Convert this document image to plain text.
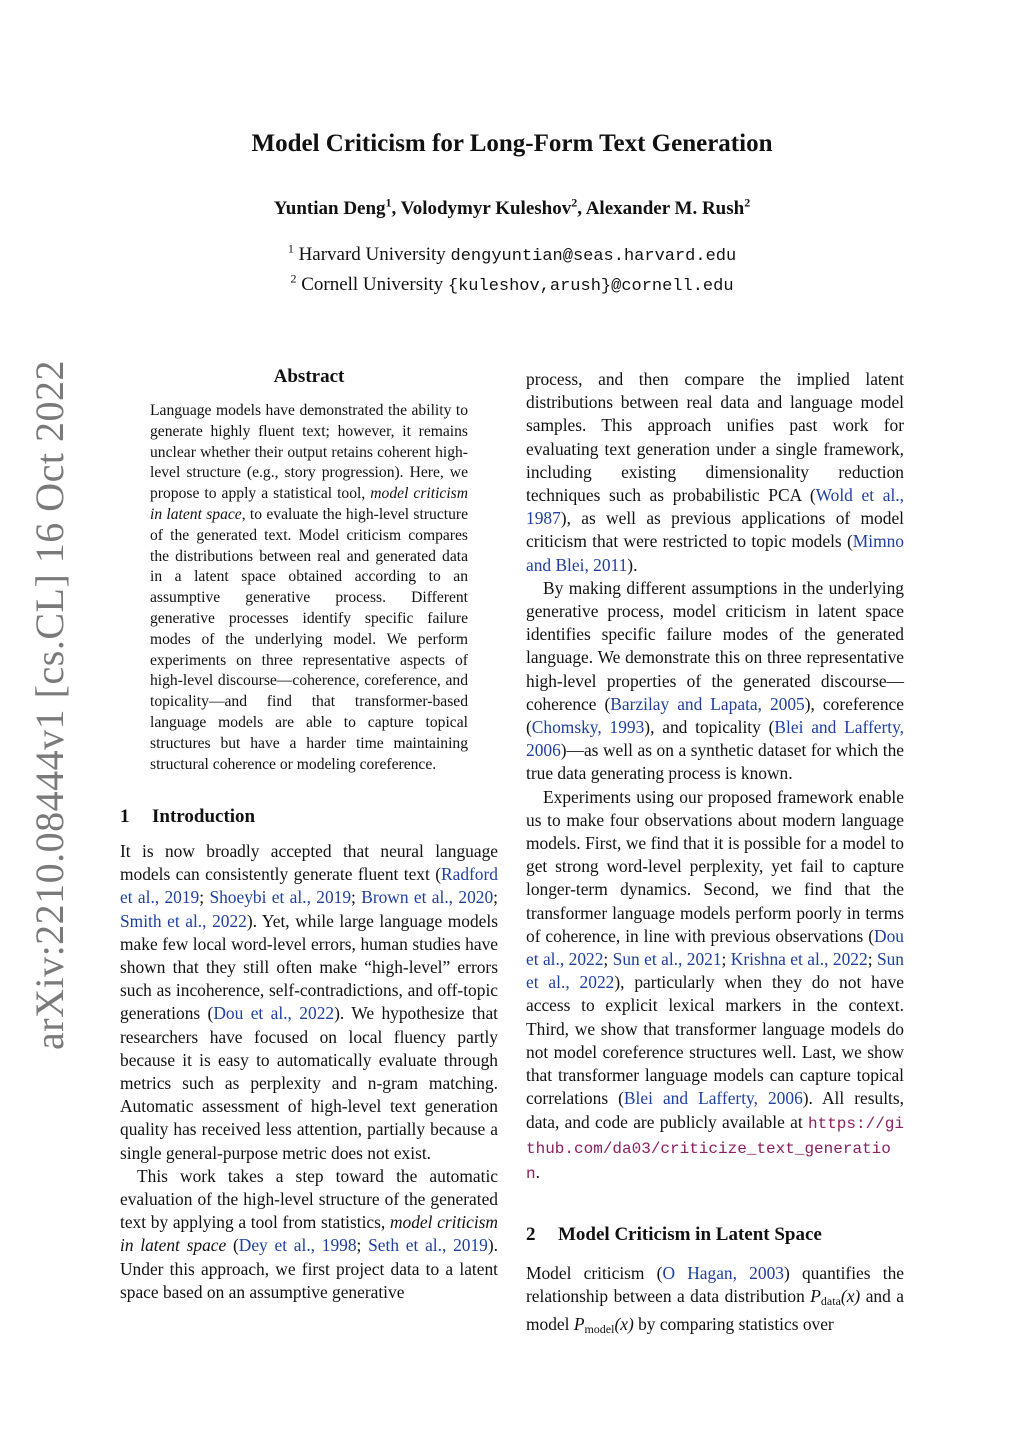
arXiv:2210.08444v1 [cs.CL] 16 Oct 2022
Model Criticism for Long-Form Text Generation
Yuntian Deng$^1$, Volodymyr Kuleshov$^2$, Alexander M. Rush$^2$
$^1$ Harvard University dengyuntian@seas.harvard.edu
$^2$ Cornell University {kuleshov,arush}@cornell.edu
Abstract
Language models have demonstrated the ability to generate highly fluent text; however, it remains unclear whether their output retains coherent high-level structure (e.g., story progression). Here, we propose to apply a statistical tool, model criticism in latent space, to evaluate the high-level structure of the generated text. Model criticism compares the distributions between real and generated data in a latent space obtained according to an assumptive generative process. Different generative processes identify specific failure modes of the underlying model. We perform experiments on three representative aspects of high-level discourse—coherence, coreference, and topicality—and find that transformer-based language models are able to capture topical structures but have a harder time maintaining structural coherence or modeling coreference.
1 Introduction

It is now broadly accepted that neural language models can consistently generate fluent text (Radford et al., 2019; Shoeybi et al., 2019; Brown et al., 2020; Smith et al., 2022). Yet, while large language models make few local word-level errors, human studies have shown that they still often make “high-level” errors such as incoherence, self-contradictions, and off-topic generations (Dou et al., 2022). We hypothesize that researchers have focused on local fluency partly because it is easy to automatically evaluate through metrics such as perplexity and n-gram matching. Automatic assessment of high-level text generation quality has received less attention, partially because a single general-purpose metric does not exist.

This work takes a step toward the automatic evaluation of the high-level structure of the generated text by applying a tool from statistics, model criticism in latent space (Dey et al., 1998; Seth et al., 2019). Under this approach, we first project data to a latent space based on an assumptive generative

process, and then compare the implied latent distributions between real data and language model samples. This approach unifies past work for evaluating text generation under a single framework, including existing dimensionality reduction techniques such as probabilistic PCA (Wold et al., 1987), as well as previous applications of model criticism that were restricted to topic models (Mimno and Blei, 2011).

By making different assumptions in the underlying generative process, model criticism in latent space identifies specific failure modes of the generated language. We demonstrate this on three representative high-level properties of the generated discourse—coherence (Barzilay and Lapata, 2005), coreference (Chomsky, 1993), and topicality (Blei and Lafferty, 2006)—as well as on a synthetic dataset for which the true data generating process is known.

Experiments using our proposed framework enable us to make four observations about modern language models. First, we find that it is possible for a model to get strong word-level perplexity, yet fail to capture longer-term dynamics. Second, we find that the transformer language models perform poorly in terms of coherence, in line with previous observations (Dou et al., 2022; Sun et al., 2021; Krishna et al., 2022; Sun et al., 2022), particularly when they do not have access to explicit lexical markers in the context. Third, we show that transformer language models do not model coreference structures well. Last, we show that transformer language models can capture topical correlations (Blei and Lafferty, 2006). All results, data, and code are publicly available at https://github.com/da03/criticize_text_generation.

2 Model Criticism in Latent Space

Model criticism (O Hagan, 2003) quantifies the relationship between a data distribution $P_{data}(x)$ and a model $P_{model}(x)$ by comparing statistics over
